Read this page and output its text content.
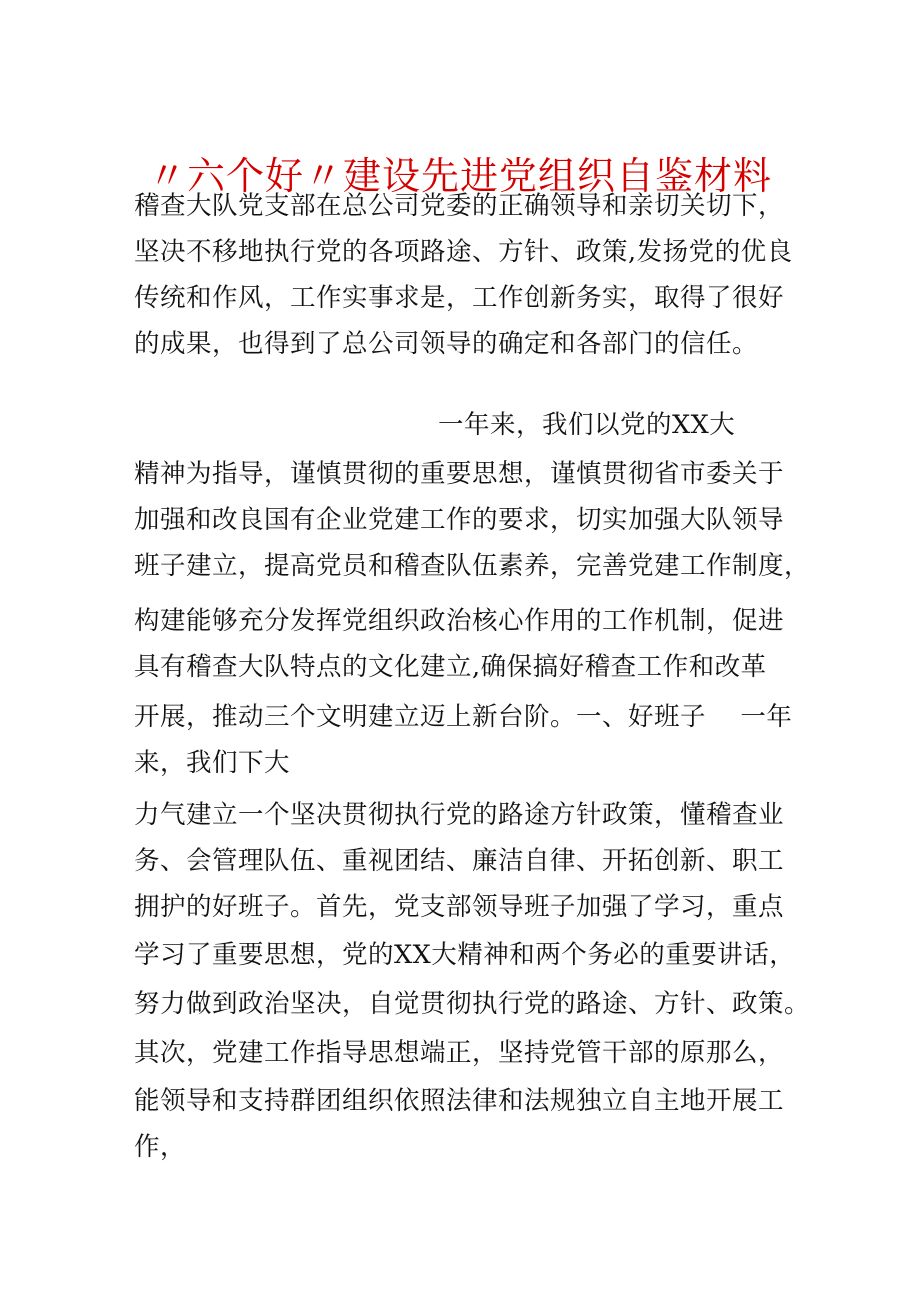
〃六个好〃建设先进党组织自鉴材料
稽查大队党支部在总公司党委的正确领导和亲切关切下，
坚决不移地执行党的各项路途、方针、政策,发扬党的优良
传统和作风，工作实事求是，工作创新务实，取得了很好
的成果，也得到了总公司领导的确定和各部门的信任。
一年来，我们以党的XX大
精神为指导，谨慎贯彻的重要思想，谨慎贯彻省市委关于
加强和改良国有企业党建工作的要求，切实加强大队领导
班子建立，提高党员和稽查队伍素养，完善党建工作制度，
构建能够充分发挥党组织政治核心作用的工作机制，促进
具有稽查大队特点的文化建立,确保搞好稽查工作和改革
开展，推动三个文明建立迈上新台阶。一、好班子    一年
来，我们下大
力气建立一个坚决贯彻执行党的路途方针政策，懂稽查业
务、会管理队伍、重视团结、廉洁自律、开拓创新、职工
拥护的好班子。首先，党支部领导班子加强了学习，重点
学习了重要思想，党的XX大精神和两个务必的重要讲话，
努力做到政治坚决，自觉贯彻执行党的路途、方针、政策。
其次，党建工作指导思想端正，坚持党管干部的原那么，
能领导和支持群团组织依照法律和法规独立自主地开展工
作，
